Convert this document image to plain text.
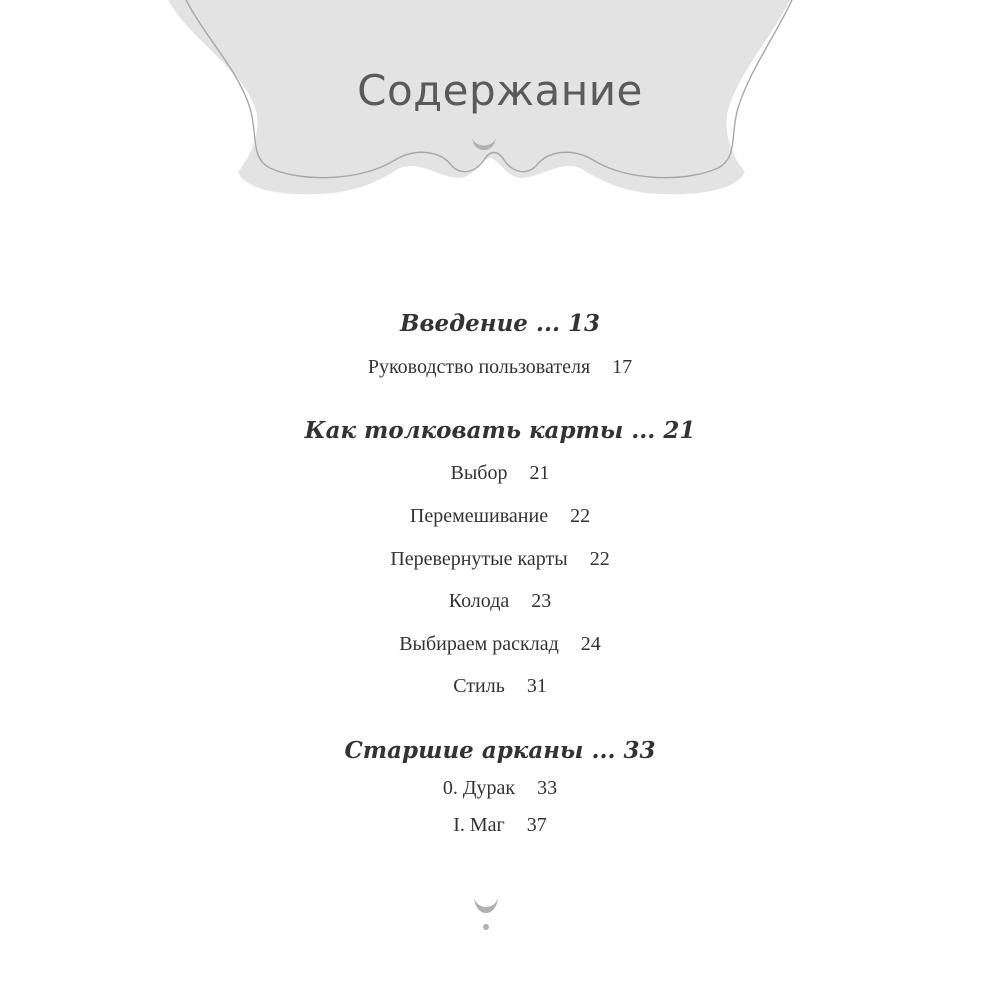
Содержание
Введение ... 13
Руководство пользователя 17
Как толковать карты ... 21
Выбор 21
Перемешивание 22
Перевернутые карты 22
Колода 23
Выбираем расклад 24
Стиль 31
Старшие арканы ... 33
0. Дурак 33
I. Маг 37
